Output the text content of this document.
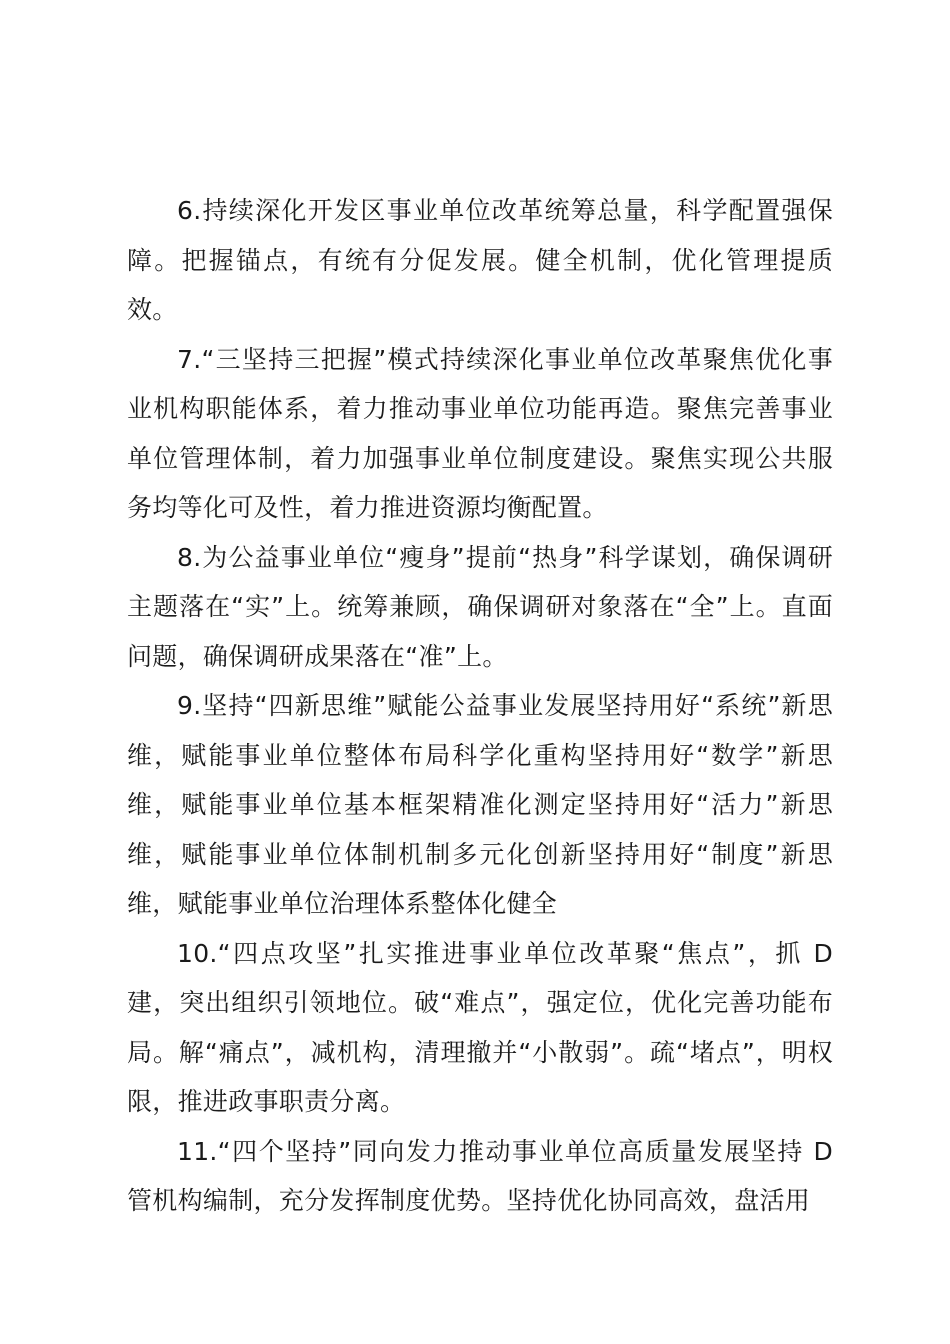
6.持续深化开发区事业单位改革统筹总量，科学配置强保障。把握锚点，有统有分促发展。健全机制，优化管理提质效。

7.“三坚持三把握”模式持续深化事业单位改革聚焦优化事业机构职能体系，着力推动事业单位功能再造。聚焦完善事业单位管理体制，着力加强事业单位制度建设。聚焦实现公共服务均等化可及性，着力推进资源均衡配置。

8.为公益事业单位“瘦身”提前“热身”科学谋划，确保调研主题落在“实”上。统筹兼顾，确保调研对象落在“全”上。直面问题，确保调研成果落在“准”上。

9.坚持“四新思维”赋能公益事业发展坚持用好“系统”新思维，赋能事业单位整体布局科学化重构坚持用好“数学”新思维，赋能事业单位基本框架精准化测定坚持用好“活力”新思维，赋能事业单位体制机制多元化创新坚持用好“制度”新思维，赋能事业单位治理体系整体化健全

10.“四点攻坚”扎实推进事业单位改革聚“焦点”，抓 D 建，突出组织引领地位。破“难点”，强定位，优化完善功能布局。解“痛点”，减机构，清理撤并“小散弱”。疏“堵点”，明权限，推进政事职责分离。

11.“四个坚持”同向发力推动事业单位高质量发展坚持 D 管机构编制，充分发挥制度优势。坚持优化协同高效，盘活用
